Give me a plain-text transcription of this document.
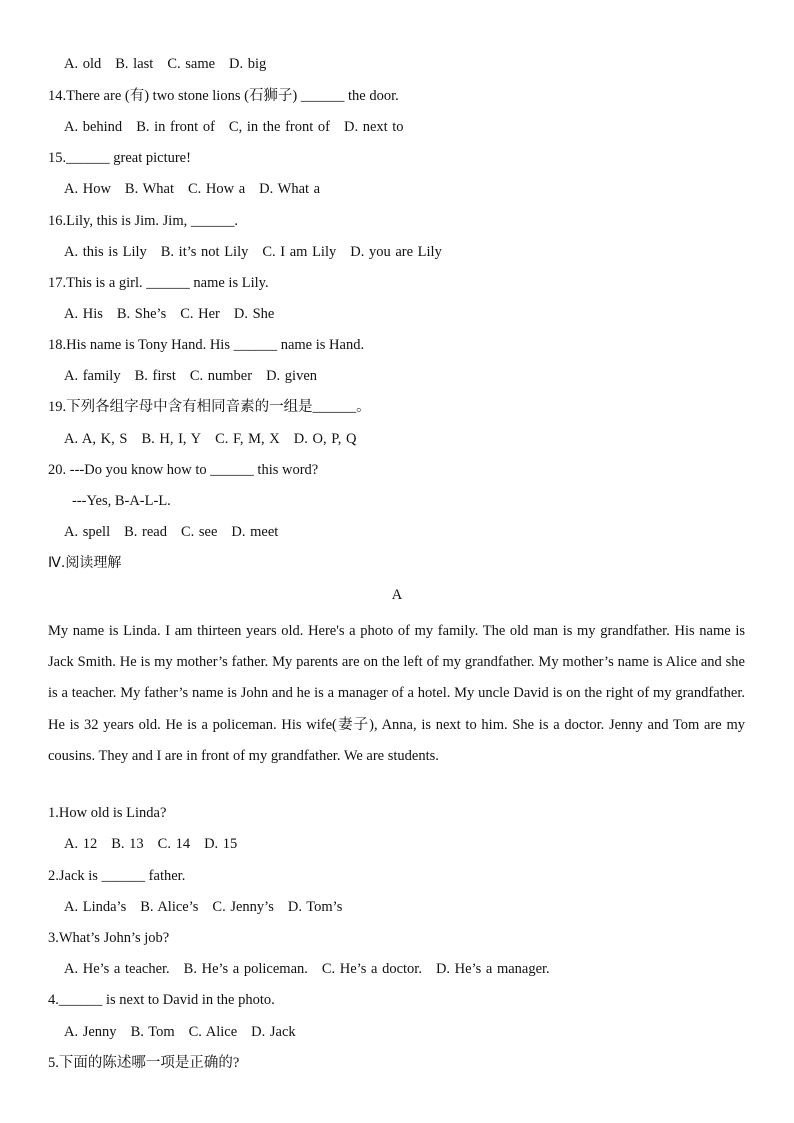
A. old B. last C. same D. big
14.There are (有) two stone lions (石狮子) ______ the door.
A. behind B. in front of C, in the front of D. next to
15.______ great picture!
A. How B. What C. How a D. What a
16.Lily, this is Jim. Jim, ______.
A. this is Lily B. it’s not Lily C. I am Lily D. you are Lily
17.This is a girl. ______ name is Lily.
A. His B. She’s C. Her D. She
18.His name is Tony Hand. His ______ name is Hand.
A. family B. first C. number D. given
19.下列各组字母中含有相同音素的一组是______。
A. A, K, S B. H, I, Y C. F, M, X D. O, P, Q
20. ---Do you know how to ______ this word?
---Yes, B-A-L-L.
A. spell B. read C. see D. meet
Ⅳ.阅读理解
A
My name is Linda. I am thirteen years old. Here's a photo of my family. The old man is my grandfather. His name is Jack Smith. He is my mother’s father. My parents are on the left of my grandfather. My mother’s name is Alice and she is a teacher. My father’s name is John and he is a manager of a hotel. My uncle David is on the right of my grandfather. He is 32 years old. He is a policeman. His wife(妻子), Anna, is next to him. She is a doctor. Jenny and Tom are my cousins. They and I are in front of my grandfather. We are students.
1.How old is Linda?
A. 12 B. 13 C. 14 D. 15
2.Jack is ______ father.
A. Linda’s B. Alice’s C. Jenny’s D. Tom’s
3.What’s John’s job?
A. He’s a teacher. B. He’s a policeman. C. He’s a doctor. D. He’s a manager.
4.______ is next to David in the photo.
A. Jenny B. Tom C. Alice D. Jack
5.下面的陈述哪一项是正确的?
